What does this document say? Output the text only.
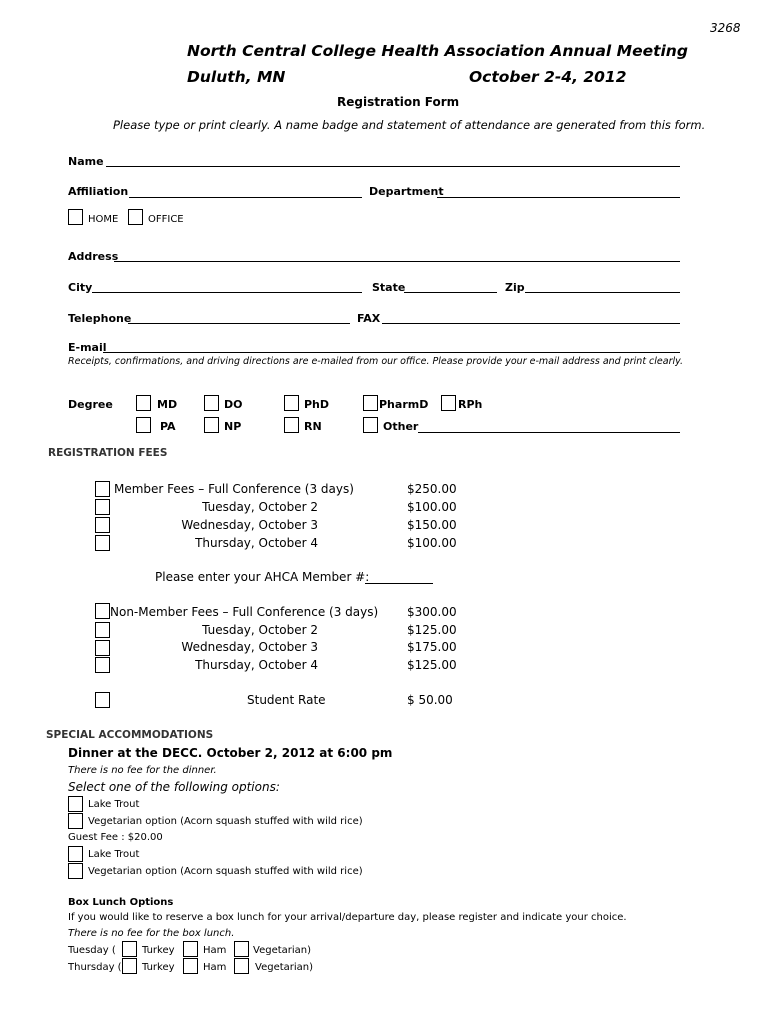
3268
North Central College Health Association Annual Meeting
Duluth, MN	October 2-4, 2012
Registration Form
Please type or print clearly. A name badge and statement of attendance are generated from this form.
Name
Affiliation	Department
HOME	OFFICE
Address
City	State	Zip
Telephone	FAX
E-mail
Receipts, confirmations, and driving directions are e-mailed from our office. Please provide your e-mail address and print clearly.
Degree	MD	DO	PhD	PharmD	RPh
PA	NP	RN	Other
REGISTRATION FEES
Member Fees – Full Conference (3 days)	$250.00
Tuesday, October 2	$100.00
Wednesday, October 3	$150.00
Thursday, October 4	$100.00
Please enter your AHCA Member #:
Non-Member Fees – Full Conference (3 days) $300.00
Tuesday, October 2	$125.00
Wednesday, October 3	$175.00
Thursday, October 4	$125.00
Student Rate	$ 50.00
SPECIAL ACCOMMODATIONS
Dinner at the DECC. October 2, 2012 at 6:00 pm
There is no fee for the dinner.
Select one of the following options:
Lake Trout
Vegetarian option (Acorn squash stuffed with wild rice)
Guest Fee : $20.00
Lake Trout
Vegetarian option (Acorn squash stuffed with wild rice)
Box Lunch Options
If you would like to reserve a box lunch for your arrival/departure day, please register and indicate your choice.
There is no fee for the box lunch.
Tuesday (	Turkey	Ham	Vegetarian)
Thursday ( Turkey	Ham	Vegetarian)
